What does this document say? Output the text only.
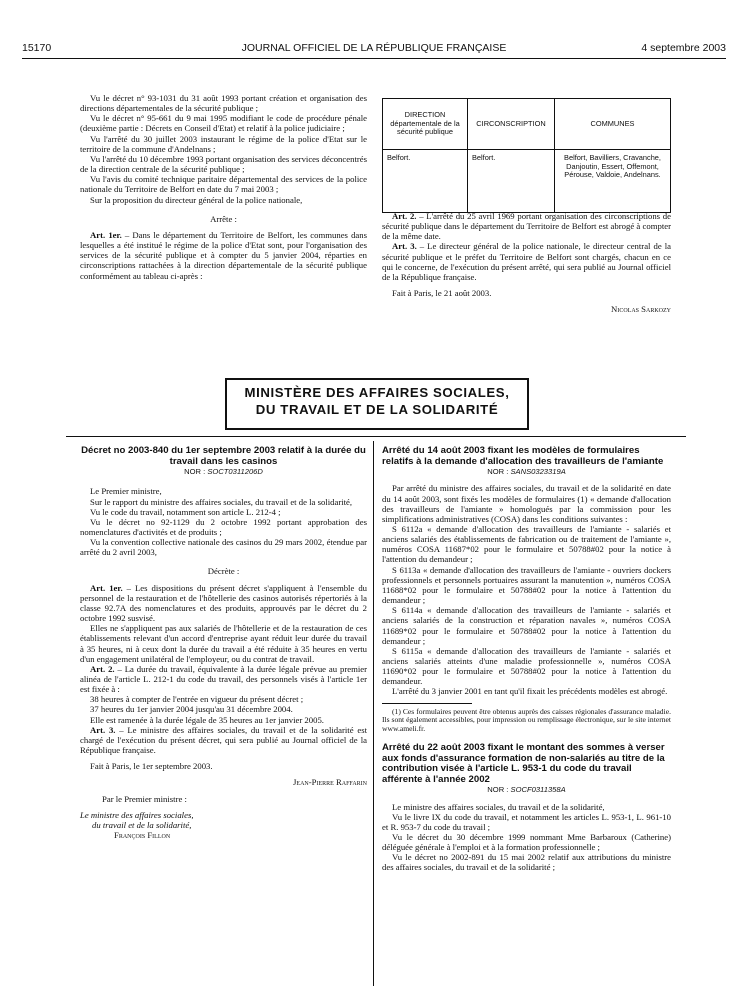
15170	JOURNAL OFFICIEL DE LA RÉPUBLIQUE FRANÇAISE	4 septembre 2003

Vu le décret n° 93-1031 du 31 août 1993 portant création et organisation des directions départementales de la sécurité publique ;

Vu le décret n° 95-661 du 9 mai 1995 modifiant le code de procédure pénale (deuxième partie : Décrets en Conseil d'Etat) et relatif à la police judiciaire ;

Vu l'arrêté du 30 juillet 2003 instaurant le régime de la police d'Etat sur le territoire de la commune d'Andelnans ;

Vu l'arrêté du 10 décembre 1993 portant organisation des services déconcentrés de la direction centrale de la sécurité publique ;

Vu l'avis du comité technique paritaire départemental des services de la police nationale du Territoire de Belfort en date du 7 mai 2003 ;

Sur la proposition du directeur général de la police nationale,

Arrête :

Art. 1er. – Dans le département du Territoire de Belfort, les communes dans lesquelles a été institué le régime de la police d'Etat sont, pour l'organisation des services de la sécurité publique et à compter du 5 janvier 2004, réparties en circonscriptions rattachées à la direction départementale de la sécurité publique conformément au tableau ci-après :

DIRECTION départementale de la sécurité publique	CIRCONSCRIPTION	COMMUNES
Belfort.	Belfort.	Belfort, Bavilliers, Cravanche, Danjoutin, Essert, Offemont, Pérouse, Valdoie, Andelnans.

Art. 2. – L'arrêté du 25 avril 1969 portant organisation des circonscriptions de sécurité publique dans le département du Territoire de Belfort est abrogé à compter de la même date.

Art. 3. – Le directeur général de la police nationale, le directeur central de la sécurité publique et le préfet du Territoire de Belfort sont chargés, chacun en ce qui le concerne, de l'exécution du présent arrêté, qui sera publié au Journal officiel de la République française.

Fait à Paris, le 21 août 2003.

Nicolas Sarkozy

MINISTÈRE DES AFFAIRES SOCIALES,
DU TRAVAIL ET DE LA SOLIDARITÉ

Décret no 2003-840 du 1er septembre 2003 relatif à la durée du travail dans les casinos

NOR : SOCT0311206D

Le Premier ministre,

Sur le rapport du ministre des affaires sociales, du travail et de la solidarité,

Vu le code du travail, notamment son article L. 212-4 ;

Vu le décret no 92-1129 du 2 octobre 1992 portant approbation des nomenclatures d'activités et de produits ;

Vu la convention collective nationale des casinos du 29 mars 2002, étendue par arrêté du 2 avril 2003,

Décrète :

Art. 1er. – Les dispositions du présent décret s'appliquent à l'ensemble du personnel de la restauration et de l'hôtellerie des casinos autorisés répertoriés à la classe 92.7A des nomenclatures et des produits, approuvés par le décret du 2 octobre 1992 susvisé.

Elles ne s'appliquent pas aux salariés de l'hôtellerie et de la restauration de ces établissements relevant d'un accord d'entreprise ayant réduit leur durée du travail à 35 heures, ni à ceux dont la durée du travail a été réduite à 35 heures en vertu d'un engagement unilatéral de l'employeur, ou du contrat de travail.

Art. 2. – La durée du travail, équivalente à la durée légale prévue au premier alinéa de l'article L. 212-1 du code du travail, des personnels visés à l'article 1er est fixée à :

38 heures à compter de l'entrée en vigueur du présent décret ;

37 heures du 1er janvier 2004 jusqu'au 31 décembre 2004.

Elle est ramenée à la durée légale de 35 heures au 1er janvier 2005.

Art. 3. – Le ministre des affaires sociales, du travail et de la solidarité est chargé de l'exécution du présent décret, qui sera publié au Journal officiel de la République française.

Fait à Paris, le 1er septembre 2003.

Jean-Pierre Raffarin

Par le Premier ministre :

Le ministre des affaires sociales,

du travail et de la solidarité,

François Fillon

Arrêté du 14 août 2003 fixant les modèles de formulaires relatifs à la demande d'allocation des travailleurs de l'amiante

NOR : SANS0323319A

Par arrêté du ministre des affaires sociales, du travail et de la solidarité en date du 14 août 2003, sont fixés les modèles de formulaires (1) « demande d'allocation des travailleurs de l'amiante » homologués par la commission pour les simplifications administratives (COSA) dans les conditions suivantes :

S 6112a « demande d'allocation des travailleurs de l'amiante - salariés et anciens salariés des établissements de fabrication ou de traitement de l'amiante », numéros COSA 11687*02 pour le formulaire et 50788#02 pour la notice à l'attention du demandeur ;

S 6113a « demande d'allocation des travailleurs de l'amiante - ouvriers dockers professionnels et personnels portuaires assurant la manutention », numéros COSA 11688*02 pour le formulaire et 50788#02 pour la notice à l'attention du demandeur ;

S 6114a « demande d'allocation des travailleurs de l'amiante - salariés et anciens salariés de la construction et réparation navales », numéros COSA 11689*02 pour le formulaire et 50788#02 pour la notice à l'attention du demandeur ;

S 6115a « demande d'allocation des travailleurs de l'amiante - salariés et anciens salariés atteints d'une maladie professionnelle », numéros COSA 11690*02 pour le formulaire et 50788#02 pour la notice à l'attention du demandeur.

L'arrêté du 3 janvier 2001 en tant qu'il fixait les précédents modèles est abrogé.

(1) Ces formulaires peuvent être obtenus auprès des caisses régionales d'assurance maladie. Ils sont également accessibles, pour impression ou remplissage électronique, sur le site internet www.ameli.fr.

Arrêté du 22 août 2003 fixant le montant des sommes à verser aux fonds d'assurance formation de non-salariés au titre de la contribution visée à l'article L. 953-1 du code du travail afférente à l'année 2002

NOR : SOCF0311358A

Le ministre des affaires sociales, du travail et de la solidarité,

Vu le livre IX du code du travail, et notamment les articles L. 953-1, L. 961-10 et R. 953-7 du code du travail ;

Vu le décret du 30 décembre 1999 nommant Mme Barbaroux (Catherine) déléguée générale à l'emploi et à la formation professionnelle ;

Vu le décret no 2002-891 du 15 mai 2002 relatif aux attributions du ministre des affaires sociales, du travail et de la solidarité ;
